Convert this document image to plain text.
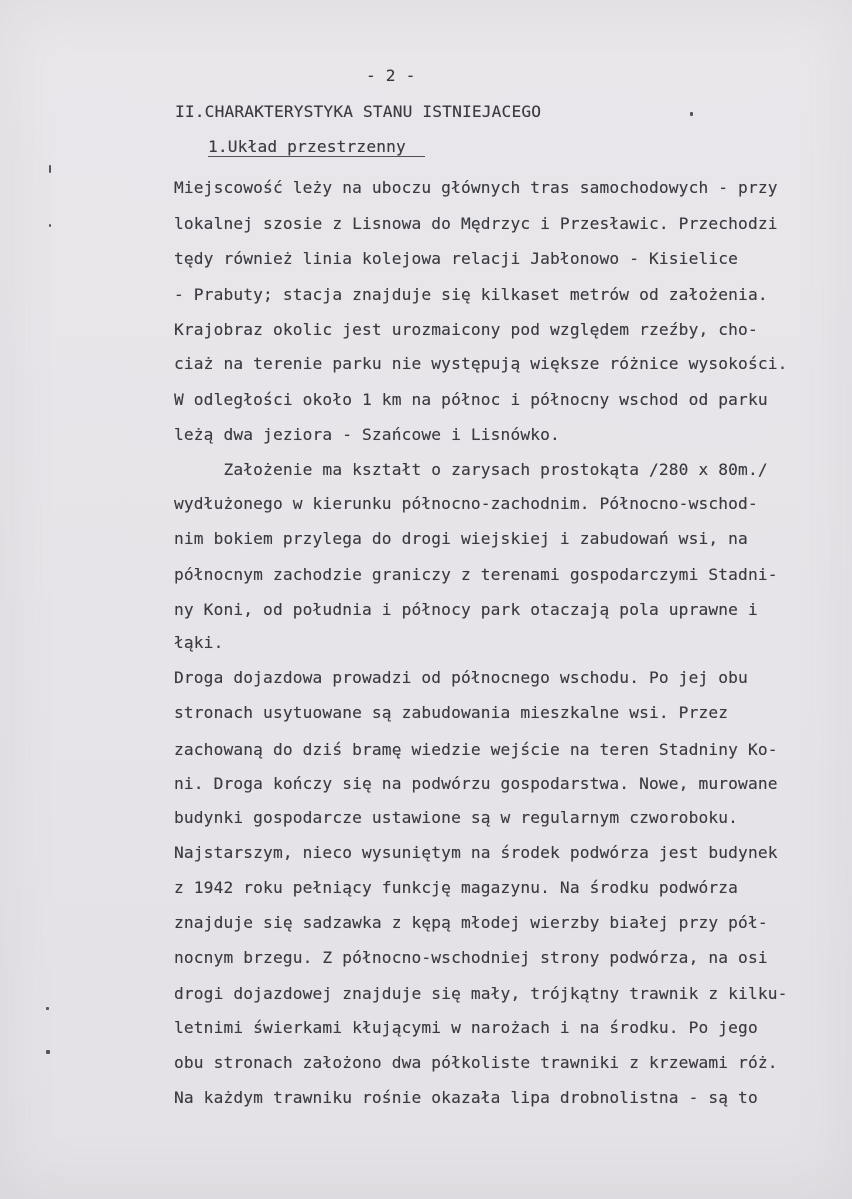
- 2 -
II.CHARAKTERYSTYKA STANU ISTNIEJACEGO
1.Układ przestrzenny
Miejscowość leży na uboczu głównych tras samochodowych - przy
lokalnej szosie z Lisnowa do Mędrzyc i Przesławic. Przechodzi
tędy również linia kolejowa relacji Jabłonowo - Kisielice
- Prabuty; stacja znajduje się kilkaset metrów od założenia.
Krajobraz okolic jest urozmaicony pod względem rzeźby, cho-
ciaż na terenie parku nie występują większe różnice wysokości.
W odległości około 1 km na północ i północny wschod od parku
leżą dwa jeziora - Szańcowe i Lisnówko.
Założenie ma kształt o zarysach prostokąta /280 x 80m./
wydłużonego w kierunku północno-zachodnim. Północno-wschod-
nim bokiem przylega do drogi wiejskiej i zabudowań wsi, na
północnym zachodzie graniczy z terenami gospodarczymi Stadni-
ny Koni, od południa i północy park otaczają pola uprawne i
łąki.
Droga dojazdowa prowadzi od północnego wschodu. Po jej obu
stronach usytuowane są zabudowania mieszkalne wsi. Przez
zachowaną do dziś bramę wiedzie wejście na teren Stadniny Ko-
ni. Droga kończy się na podwórzu gospodarstwa. Nowe, murowane
budynki gospodarcze ustawione są w regularnym czworoboku.
Najstarszym, nieco wysuniętym na środek podwórza jest budynek
z 1942 roku pełniący funkcję magazynu. Na środku podwórza
znajduje się sadzawka z kępą młodej wierzby białej przy pół-
nocnym brzegu. Z północno-wschodniej strony podwórza, na osi
drogi dojazdowej znajduje się mały, trójkątny trawnik z kilku-
letnimi świerkami kłującymi w narożach i na środku. Po jego
obu stronach założono dwa półkoliste trawniki z krzewami róż.
Na każdym trawniku rośnie okazała lipa drobnolistna - są to
